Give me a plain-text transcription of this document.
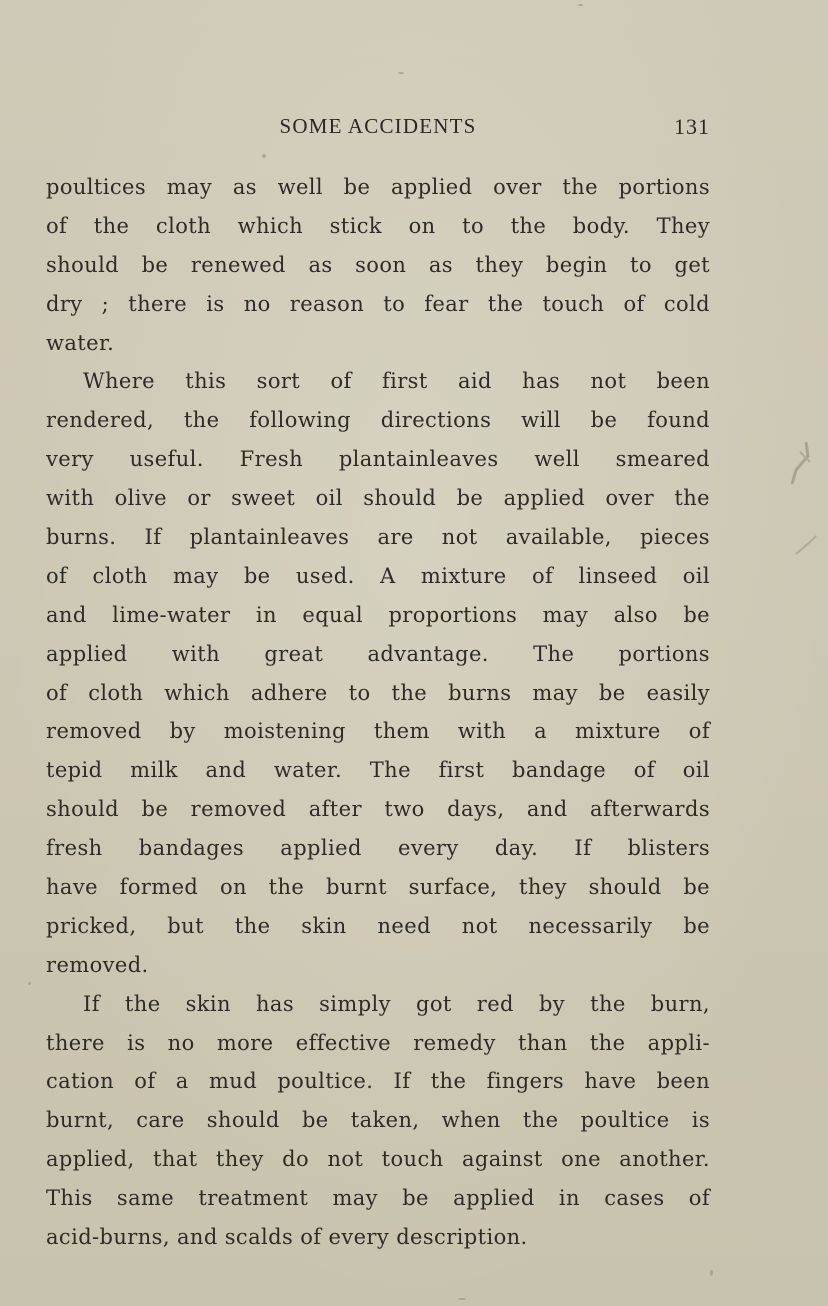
SOME ACCIDENTS	131

poultices may as well be applied over the portions
of the cloth which stick on to the body. They
should be renewed as soon as they begin to get
dry ; there is no reason to fear the touch of cold
water.

Where this sort of first aid has not been
rendered, the following directions will be found
very useful. Fresh plantainleaves well smeared
with olive or sweet oil should be applied over the
burns. If plantainleaves are not available, pieces
of cloth may be used. A mixture of linseed oil
and lime-water in equal proportions may also be
applied with great advantage. The portions
of cloth which adhere to the burns may be easily
removed by moistening them with a mixture of
tepid milk and water. The first bandage of oil
should be removed after two days, and afterwards
fresh bandages applied every day. If blisters
have formed on the burnt surface, they should be
pricked, but the skin need not necessarily be
removed.

If the skin has simply got red by the burn,
there is no more effective remedy than the appli-
cation of a mud poultice. If the fingers have been
burnt, care should be taken, when the poultice is
applied, that they do not touch against one another.
This same treatment may be applied in cases of
acid-burns, and scalds of every description.
